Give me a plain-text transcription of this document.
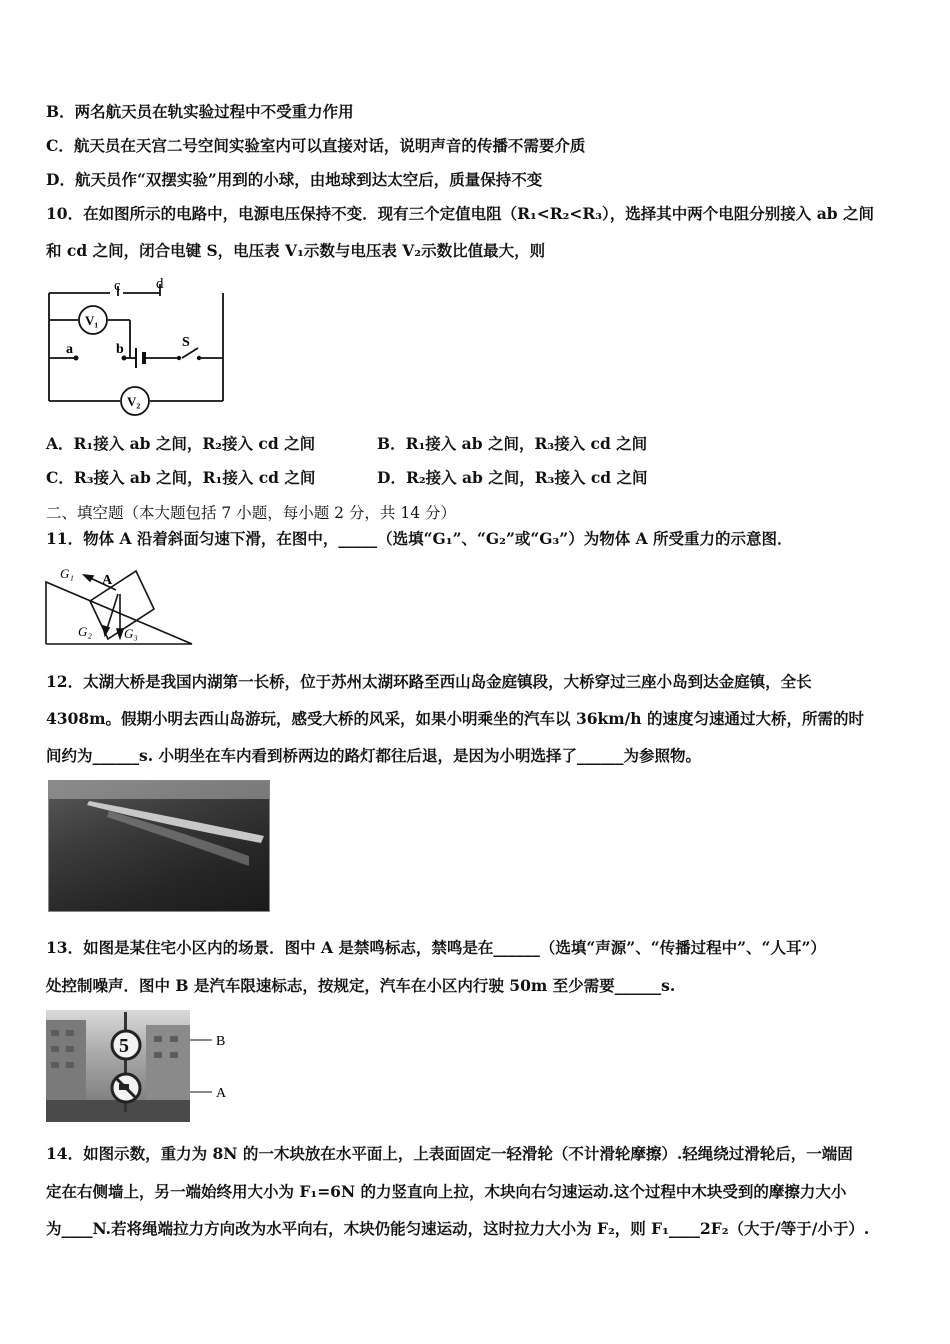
B．两名航天员在轨实验过程中不受重力作用
C．航天员在天宫二号空间实验室内可以直接对话，说明声音的传播不需要介质
D．航天员作“双摆实验”用到的小球，由地球到达太空后，质量保持不变
10．在如图所示的电路中，电源电压保持不变．现有三个定值电阻（R₁<R₂<R₃），选择其中两个电阻分别接入 ab 之间
和 cd 之间，闭合电键 S，电压表 V₁示数与电压表 V₂示数比值最大，则
c d
a	b	S
V₁
V₂
A．R₁接入 ab 之间，R₂接入 cd 之间	B．R₁接入 ab 之间，R₃接入 cd 之间
C．R₃接入 ab 之间，R₁接入 cd 之间	D．R₂接入 ab 之间，R₃接入 cd 之间
二、填空题（本大题包括 7 小题，每小题 2 分，共 14 分）
11．物体 A 沿着斜面匀速下滑，在图中，_____（选填“G₁”、“G₂”或“G₃”）为物体 A 所受重力的示意图．
G₁ A
G₂ G₃
12．太湖大桥是我国内湖第一长桥，位于苏州太湖环路至西山岛金庭镇段，大桥穿过三座小岛到达金庭镇，全长
4308m。假期小明去西山岛游玩，感受大桥的风采，如果小明乘坐的汽车以 36km/h 的速度匀速通过大桥，所需的时
间约为______s. 小明坐在车内看到桥两边的路灯都往后退，是因为小明选择了______为参照物。
13．如图是某住宅小区内的场景．图中 A 是禁鸣标志，禁鸣是在______（选填“声源”、“传播过程中”、“人耳”）
处控制噪声．图中 B 是汽车限速标志，按规定，汽车在小区内行驶 50m 至少需要______s.
5	B
A
14．如图示数，重力为 8N 的一木块放在水平面上，上表面固定一轻滑轮（不计滑轮摩擦）.轻绳绕过滑轮后，一端固
定在右侧墙上，另一端始终用大小为 F₁=6N 的力竖直向上拉，木块向右匀速运动.这个过程中木块受到的摩擦力大小
为____N.若将绳端拉力方向改为水平向右，木块仍能匀速运动，这时拉力大小为 F₂，则 F₁____2F₂（大于/等于/小于）.
